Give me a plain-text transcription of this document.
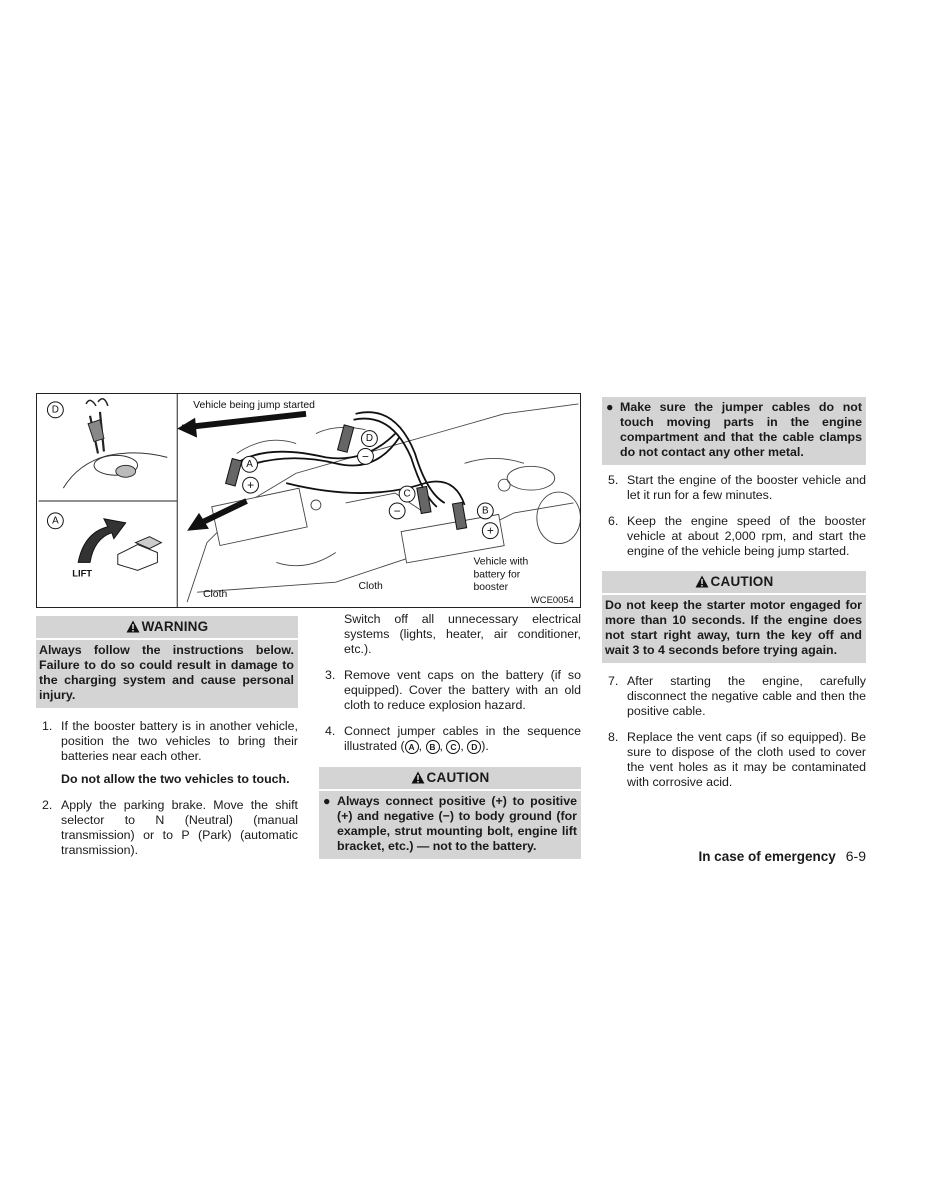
D
A
LIFT
A
+
D
−
C
−	B
+
Vehicle being jump started
Vehicle with
battery for
booster
Cloth
Cloth
WCE0054
WARNING
Always follow the instructions below. Failure to do so could result in damage to the charging system and cause personal injury.
1. If the booster battery is in another vehicle, position the two vehicles to bring their batteries near each other.
Do not allow the two vehicles to touch.
2. Apply the parking brake. Move the shift selector to N (Neutral) (manual transmission) or to P (Park) (automatic transmission).
Switch off all unnecessary electrical systems (lights, heater, air conditioner, etc.).
3. Remove vent caps on the battery (if so equipped). Cover the battery with an old cloth to reduce explosion hazard.
4. Connect jumper cables in the sequence illustrated ( A , B , C , D ).
CAUTION
● Always connect positive (+) to positive (+) and negative (−) to body ground (for example, strut mounting bolt, engine lift bracket, etc.) — not to the battery.
● Make sure the jumper cables do not touch moving parts in the engine compartment and that the cable clamps do not contact any other metal.
5. Start the engine of the booster vehicle and let it run for a few minutes.
6. Keep the engine speed of the booster vehicle at about 2,000 rpm, and start the engine of the vehicle being jump started.
CAUTION
Do not keep the starter motor engaged for more than 10 seconds. If the engine does not start right away, turn the key off and wait 3 to 4 seconds before trying again.
7. After starting the engine, carefully disconnect the negative cable and then the positive cable.
8. Replace the vent caps (if so equipped). Be sure to dispose of the cloth used to cover the vent holes as it may be contaminated with corrosive acid.
In case of emergency 6-9
